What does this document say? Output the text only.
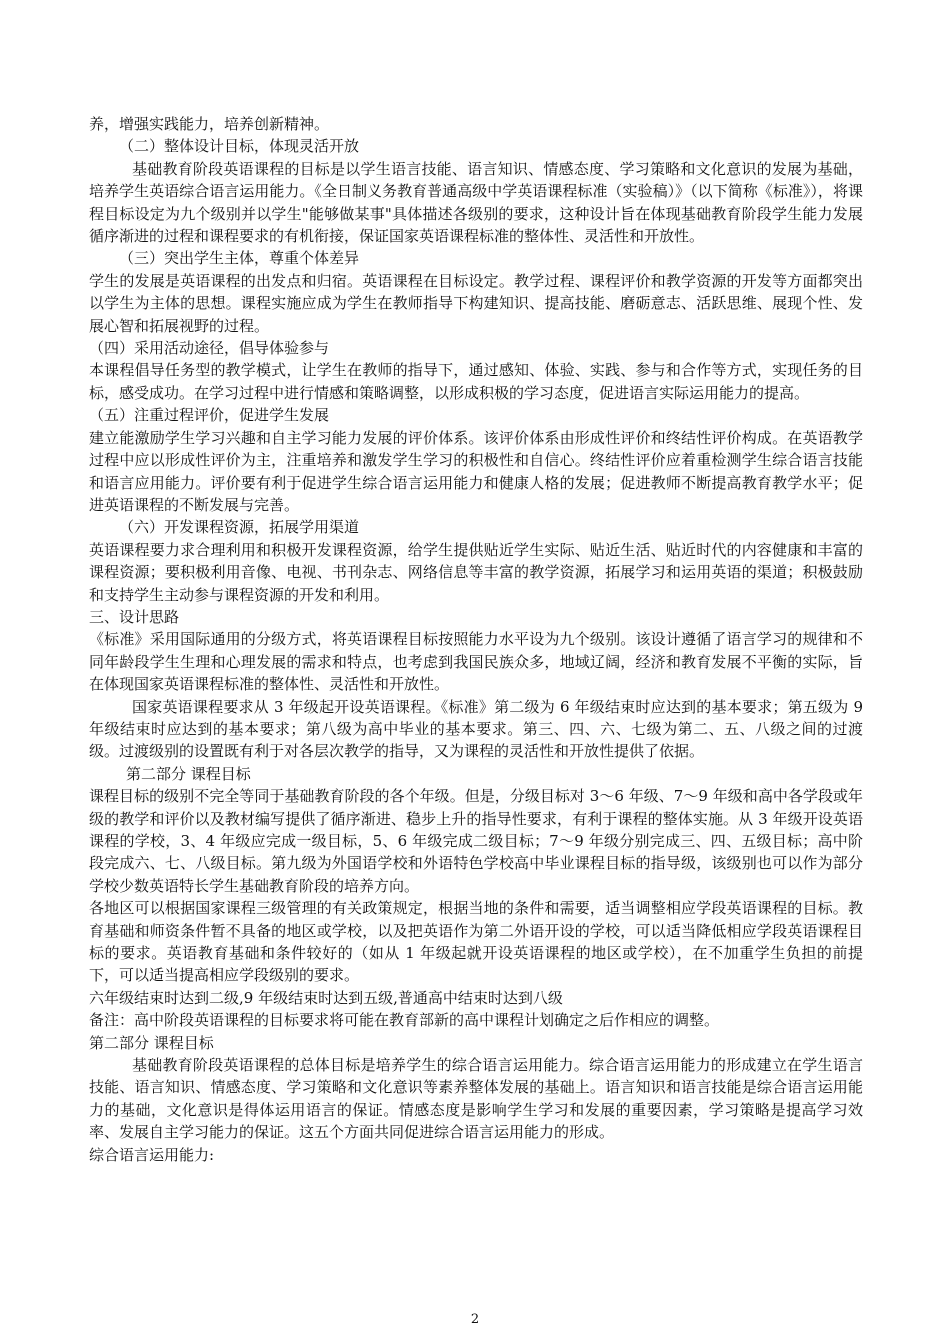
养，增强实践能力，培养创新精神。

（二）整体设计目标，体现灵活开放

基础教育阶段英语课程的目标是以学生语言技能、语言知识、情感态度、学习策略和文化意识的发展为基础，培养学生英语综合语言运用能力。《全日制义务教育普通高级中学英语课程标准（实验稿）》（以下简称《标准》），将课程目标设定为九个级别并以学生"能够做某事"具体描述各级别的要求，这种设计旨在体现基础教育阶段学生能力发展循序渐进的过程和课程要求的有机衔接，保证国家英语课程标准的整体性、灵活性和开放性。

（三）突出学生主体，尊重个体差异

学生的发展是英语课程的出发点和归宿。英语课程在目标设定。教学过程、课程评价和教学资源的开发等方面都突出以学生为主体的思想。课程实施应成为学生在教师指导下构建知识、提高技能、磨砺意志、活跃思维、展现个性、发展心智和拓展视野的过程。

（四）采用活动途径，倡导体验参与

本课程倡导任务型的教学模式，让学生在教师的指导下，通过感知、体验、实践、参与和合作等方式，实现任务的目标，感受成功。在学习过程中进行情感和策略调整，以形成积极的学习态度，促进语言实际运用能力的提高。

（五）注重过程评价，促进学生发展

建立能激励学生学习兴趣和自主学习能力发展的评价体系。该评价体系由形成性评价和终结性评价构成。在英语教学过程中应以形成性评价为主，注重培养和激发学生学习的积极性和自信心。终结性评价应着重检测学生综合语言技能和语言应用能力。评价要有利于促进学生综合语言运用能力和健康人格的发展；促进教师不断提高教育教学水平；促进英语课程的不断发展与完善。

（六）开发课程资源，拓展学用渠道

英语课程要力求合理利用和积极开发课程资源，给学生提供贴近学生实际、贴近生活、贴近时代的内容健康和丰富的课程资源；要积极利用音像、电视、书刊杂志、网络信息等丰富的教学资源，拓展学习和运用英语的渠道；积极鼓励和支持学生主动参与课程资源的开发和利用。

三、设计思路

《标准》采用国际通用的分级方式，将英语课程目标按照能力水平设为九个级别。该设计遵循了语言学习的规律和不同年龄段学生生理和心理发展的需求和特点，也考虑到我国民族众多，地域辽阔，经济和教育发展不平衡的实际，旨在体现国家英语课程标准的整体性、灵活性和开放性。

国家英语课程要求从 3 年级起开设英语课程。《标准》第二级为 6 年级结束时应达到的基本要求；第五级为 9 年级结束时应达到的基本要求；第八级为高中毕业的基本要求。第三、四、六、七级为第二、五、八级之间的过渡级。过渡级别的设置既有利于对各层次教学的指导，又为课程的灵活性和开放性提供了依据。

第二部分 课程目标

课程目标的级别不完全等同于基础教育阶段的各个年级。但是，分级目标对 3～6 年级、7～9 年级和高中各学段或年级的教学和评价以及教材编写提供了循序渐进、稳步上升的指导性要求，有利于课程的整体实施。从 3 年级开设英语课程的学校，3、4 年级应完成一级目标，5、6 年级完成二级目标；7～9 年级分别完成三、四、五级目标；高中阶段完成六、七、八级目标。第九级为外国语学校和外语特色学校高中毕业课程目标的指导级，该级别也可以作为部分学校少数英语特长学生基础教育阶段的培养方向。

各地区可以根据国家课程三级管理的有关政策规定，根据当地的条件和需要，适当调整相应学段英语课程的目标。教育基础和师资条件暂不具备的地区或学校，以及把英语作为第二外语开设的学校，可以适当降低相应学段英语课程目标的要求。英语教育基础和条件较好的（如从 1 年级起就开设英语课程的地区或学校），在不加重学生负担的前提下，可以适当提高相应学段级别的要求。

六年级结束时达到二级,9 年级结束时达到五级,普通高中结束时达到八级

备注：高中阶段英语课程的目标要求将可能在教育部新的高中课程计划确定之后作相应的调整。

第二部分 课程目标

基础教育阶段英语课程的总体目标是培养学生的综合语言运用能力。综合语言运用能力的形成建立在学生语言技能、语言知识、情感态度、学习策略和文化意识等素养整体发展的基础上。语言知识和语言技能是综合语言运用能力的基础，文化意识是得体运用语言的保证。情感态度是影响学生学习和发展的重要因素，学习策略是提高学习效率、发展自主学习能力的保证。这五个方面共同促进综合语言运用能力的形成。

综合语言运用能力:

2
